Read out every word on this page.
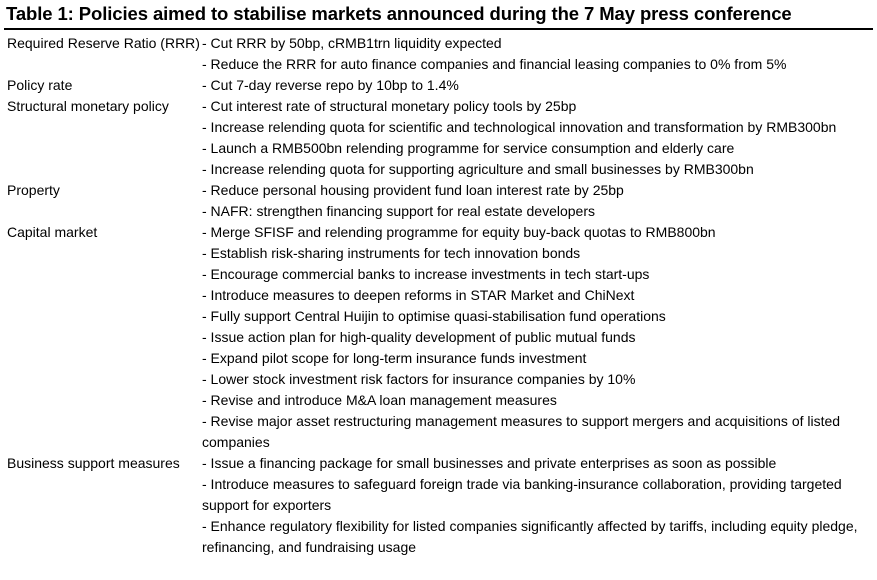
Table 1: Policies aimed to stabilise markets announced during the 7 May press conference
Required Reserve Ratio (RRR) - Cut RRR by 50bp, cRMB1trn liquidity expected
- Reduce the RRR for auto finance companies and financial leasing companies to 0% from 5%
Policy rate	- Cut 7-day reverse repo by 10bp to 1.4%
Structural monetary policy	- Cut interest rate of structural monetary policy tools by 25bp
- Increase relending quota for scientific and technological innovation and transformation by RMB300bn
- Launch a RMB500bn relending programme for service consumption and elderly care
- Increase relending quota for supporting agriculture and small businesses by RMB300bn
Property	- Reduce personal housing provident fund loan interest rate by 25bp
- NAFR: strengthen financing support for real estate developers
Capital market	- Merge SFISF and relending programme for equity buy-back quotas to RMB800bn
- Establish risk-sharing instruments for tech innovation bonds
- Encourage commercial banks to increase investments in tech start-ups
- Introduce measures to deepen reforms in STAR Market and ChiNext
- Fully support Central Huijin to optimise quasi-stabilisation fund operations
- Issue action plan for high-quality development of public mutual funds
- Expand pilot scope for long-term insurance funds investment
- Lower stock investment risk factors for insurance companies by 10%
- Revise and introduce M&A loan management measures
- Revise major asset restructuring management measures to support mergers and acquisitions of listed companies
Business support measures	- Issue a financing package for small businesses and private enterprises as soon as possible
- Introduce measures to safeguard foreign trade via banking-insurance collaboration, providing targeted support for exporters
- Enhance regulatory flexibility for listed companies significantly affected by tariffs, including equity pledge, refinancing, and fundraising usage
